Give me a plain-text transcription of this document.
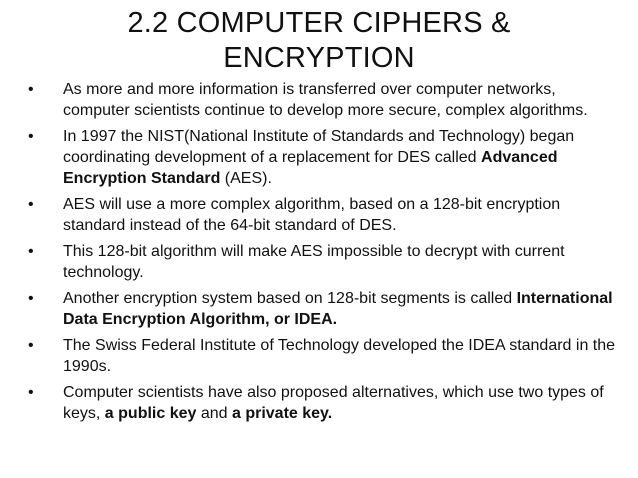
2.2 COMPUTER CIPHERS &
ENCRYPTION
•	As more and more information is transferred over computer networks, computer scientists continue to develop more secure, complex algorithms.
•	In 1997 the NIST(National Institute of Standards and Technology) began coordinating development of a replacement for DES called Advanced Encryption Standard (AES).
•	AES will use a more complex algorithm, based on a 128-bit encryption standard instead of the 64-bit standard of DES.
•	This 128-bit algorithm will make AES impossible to decrypt with current technology.
•	Another encryption system based on 128-bit segments is called International Data Encryption Algorithm, or IDEA.
•	The Swiss Federal Institute of Technology developed the IDEA standard in the 1990s.
•	Computer scientists have also proposed alternatives, which use two types of keys, a public key and a private key.
